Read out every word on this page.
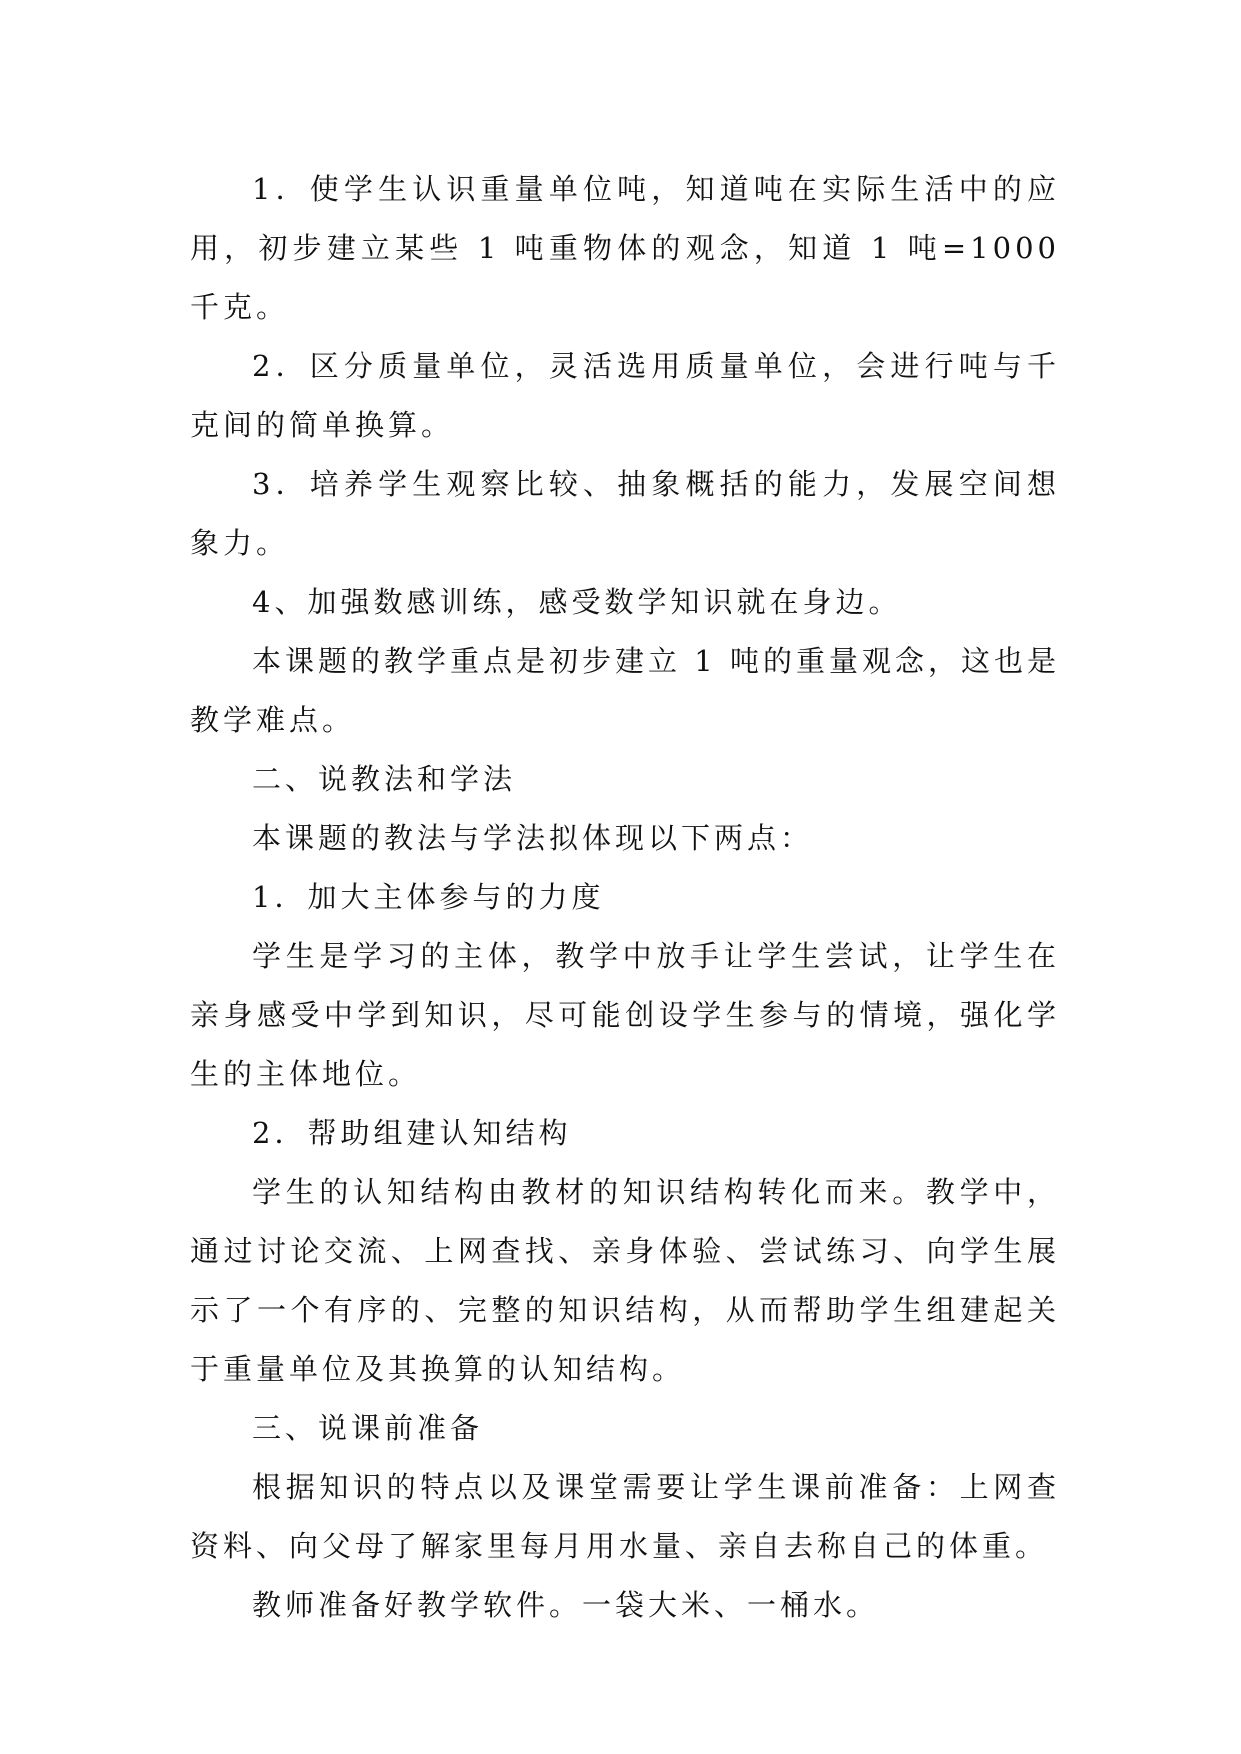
1．使学生认识重量单位吨，知道吨在实际生活中的应用，初步建立某些 1 吨重物体的观念，知道 1 吨=1000 千克。

2．区分质量单位，灵活选用质量单位，会进行吨与千克间的简单换算。

3．培养学生观察比较、抽象概括的能力，发展空间想象力。

4、加强数感训练，感受数学知识就在身边。

本课题的教学重点是初步建立 1 吨的重量观念，这也是教学难点。

二、说教法和学法

本课题的教法与学法拟体现以下两点：

1．加大主体参与的力度

学生是学习的主体，教学中放手让学生尝试，让学生在亲身感受中学到知识，尽可能创设学生参与的情境，强化学生的主体地位。

2．帮助组建认知结构

学生的认知结构由教材的知识结构转化而来。教学中，通过讨论交流、上网查找、亲身体验、尝试练习、向学生展示了一个有序的、完整的知识结构，从而帮助学生组建起关于重量单位及其换算的认知结构。

三、说课前准备

根据知识的特点以及课堂需要让学生课前准备：上网查资料、向父母了解家里每月用水量、亲自去称自己的体重。

教师准备好教学软件。一袋大米、一桶水。
